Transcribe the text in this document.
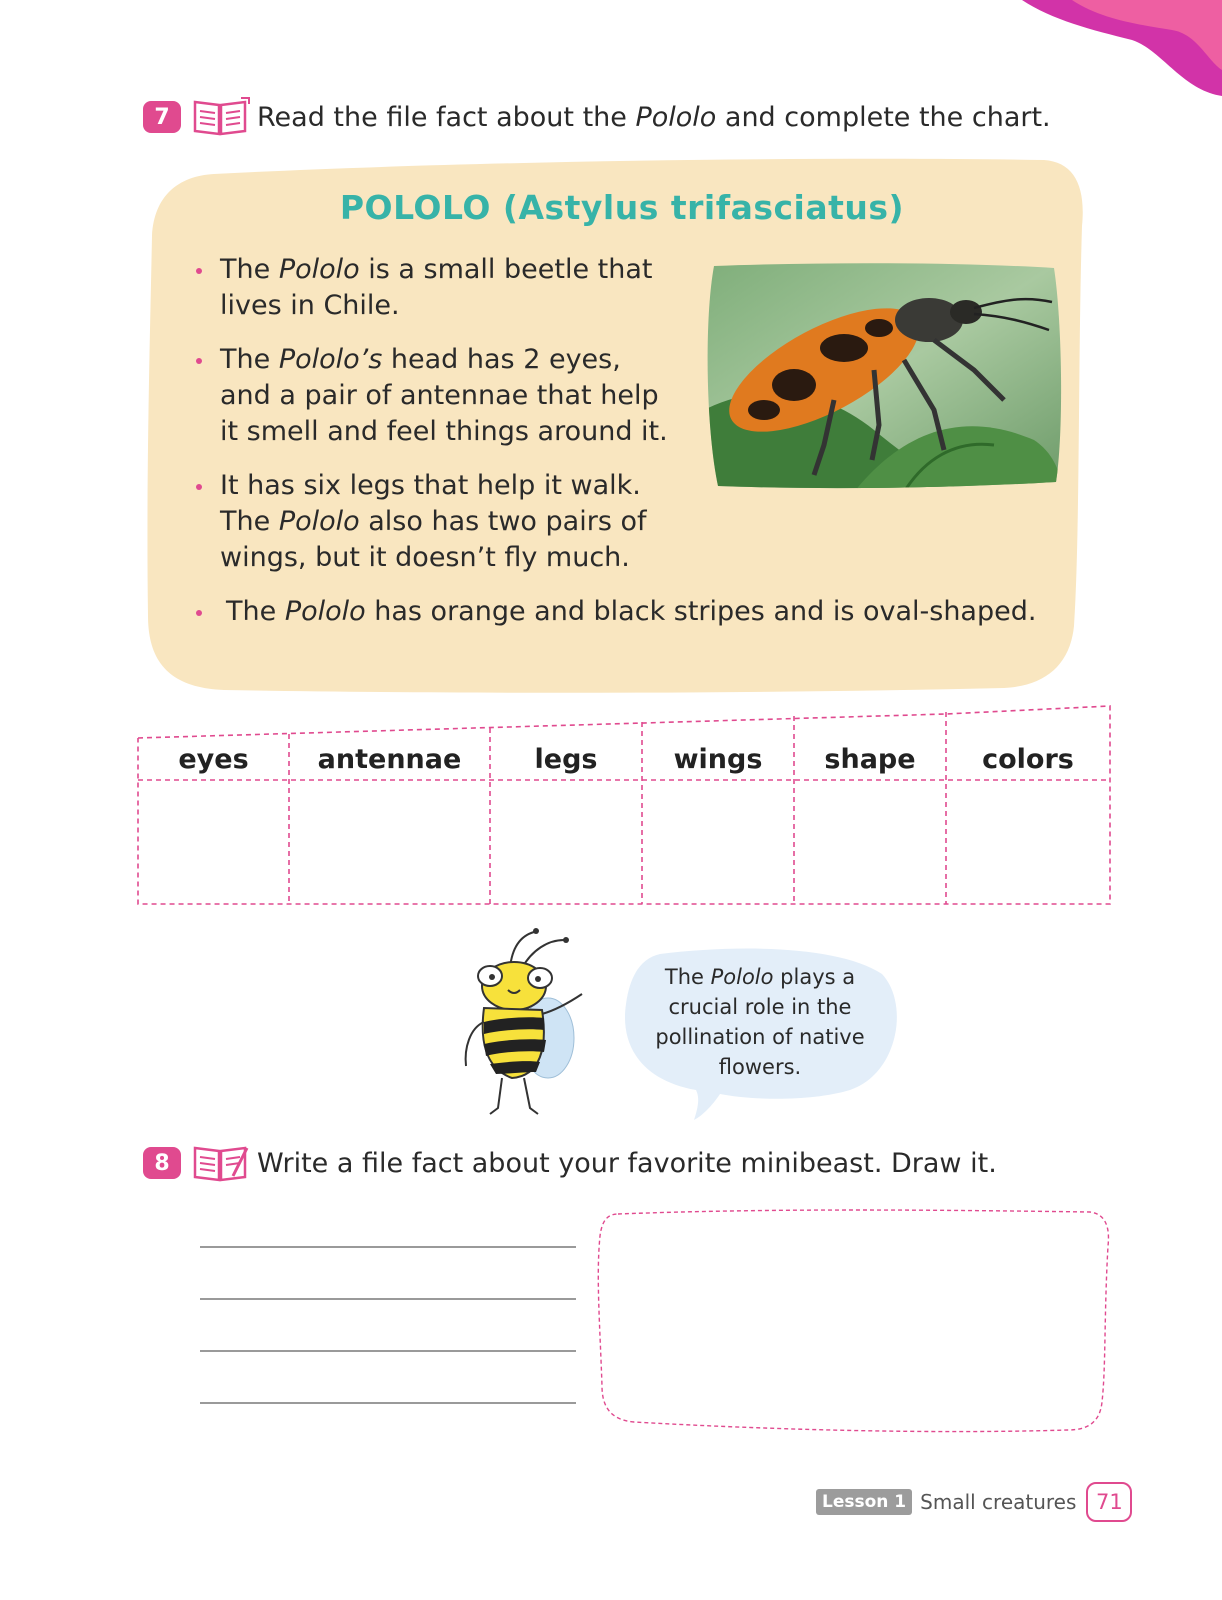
7	Read the file fact about the Pololo and complete the chart.
POLOLO (Astylus trifasciatus)
The Pololo is a small beetle that lives in Chile.
The Pololo’s head has 2 eyes, and a pair of antennae that help it smell and feel things around it.
It has six legs that help it walk. The Pololo also has two pairs of wings, but it doesn’t fly much.
The Pololo has orange and black stripes and is oval-shaped.
eyes	antennae	legs	wings	shape	colors
The Pololo plays a crucial role in the pollination of native flowers.
8	Write a file fact about your favorite minibeast. Draw it.
Lesson 1 Small creatures 71
